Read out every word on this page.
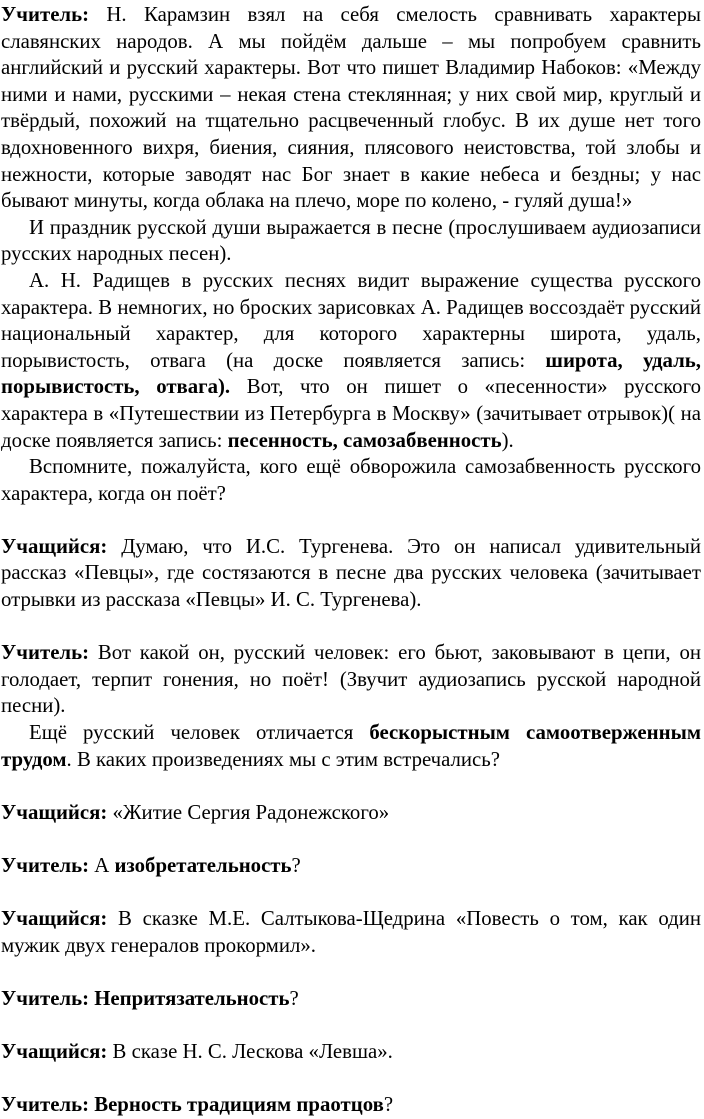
Учитель: Н. Карамзин взял на себя смелость сравнивать характеры славянских народов. А мы пойдём дальше – мы попробуем сравнить английский и русский характеры. Вот что пишет Владимир Набоков: «Между ними и нами, русскими – некая стена стеклянная; у них свой мир, круглый и твёрдый, похожий на тщательно расцвеченный глобус. В их душе нет того вдохновенного вихря, биения, сияния, плясового неистовства, той злобы и нежности, которые заводят нас Бог знает в какие небеса и бездны; у нас бывают минуты, когда облака на плечо, море по колено, - гуляй душа!»

И праздник русской души выражается в песне (прослушиваем аудиозаписи русских народных песен).

А. Н. Радищев в русских песнях видит выражение существа русского характера. В немногих, но броских зарисовках А. Радищев воссоздаёт русский национальный характер, для которого характерны широта, удаль, порывистость, отвага (на доске появляется запись: широта, удаль, порывистость, отвага). Вот, что он пишет о «песенности» русского характера в «Путешествии из Петербурга в Москву» (зачитывает отрывок)( на доске появляется запись: песенность, самозабвенность).

Вспомните, пожалуйста, кого ещё обворожила самозабвенность русского характера, когда он поёт?

Учащийся: Думаю, что И.С. Тургенева. Это он написал удивительный рассказ «Певцы», где состязаются в песне два русских человека (зачитывает отрывки из рассказа «Певцы» И. С. Тургенева).

Учитель: Вот какой он, русский человек: его бьют, заковывают в цепи, он голодает, терпит гонения, но поёт! (Звучит аудиозапись русской народной песни).

Ещё русский человек отличается бескорыстным самоотверженным трудом. В каких произведениях мы с этим встречались?

Учащийся: «Житие Сергия Радонежского»

Учитель: А изобретательность?

Учащийся: В сказке М.Е. Салтыкова-Щедрина «Повесть о том, как один мужик двух генералов прокормил».

Учитель: Непритязательность?

Учащийся: В сказе Н. С. Лескова «Левша».

Учитель: Верность традициям праотцов?
